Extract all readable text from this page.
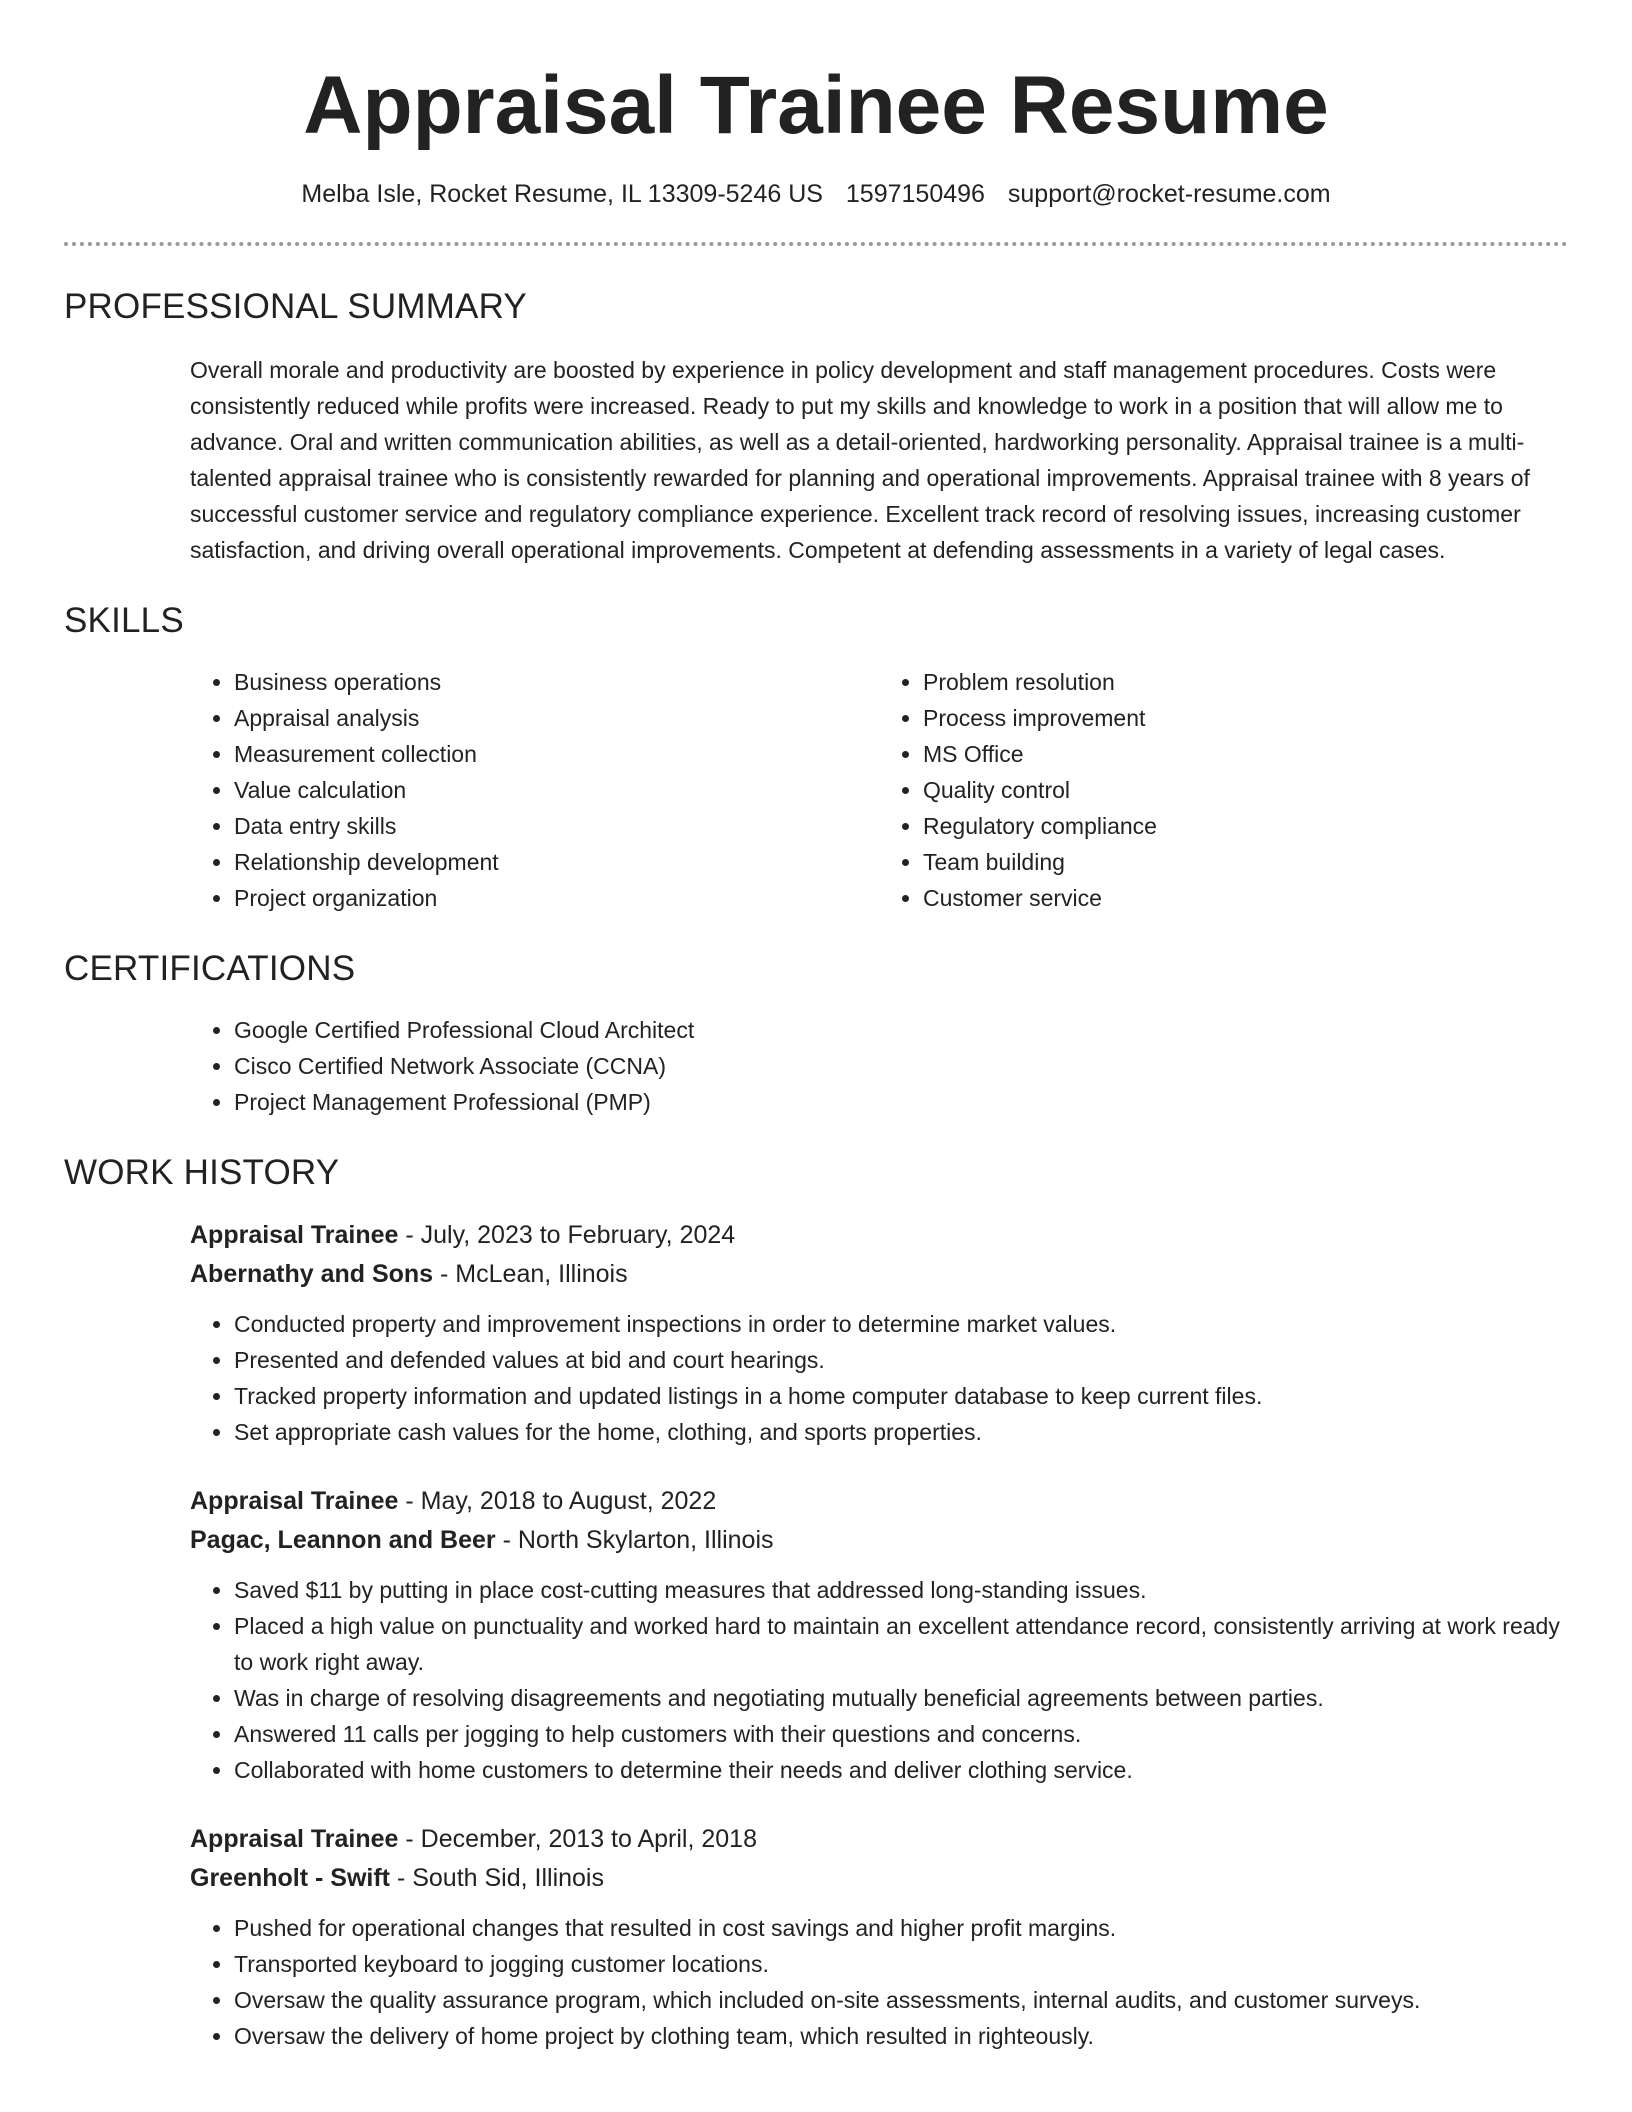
Appraisal Trainee Resume
Melba Isle, Rocket Resume, IL 13309-5246 US 1597150496 support@rocket-resume.com
PROFESSIONAL SUMMARY

Overall morale and productivity are boosted by experience in policy development and staff management procedures. Costs were consistently reduced while profits were increased. Ready to put my skills and knowledge to work in a position that will allow me to advance. Oral and written communication abilities, as well as a detail-oriented, hardworking personality. Appraisal trainee is a multi-talented appraisal trainee who is consistently rewarded for planning and operational improvements. Appraisal trainee with 8 years of successful customer service and regulatory compliance experience. Excellent track record of resolving issues, increasing customer satisfaction, and driving overall operational improvements. Competent at defending assessments in a variety of legal cases.

SKILLS
• Business operations
• Appraisal analysis
• Measurement collection
• Value calculation
• Data entry skills
• Relationship development
• Project organization
• Problem resolution
• Process improvement
• MS Office
• Quality control
• Regulatory compliance
• Team building
• Customer service
CERTIFICATIONS
• Google Certified Professional Cloud Architect
• Cisco Certified Network Associate (CCNA)
• Project Management Professional (PMP)
WORK HISTORY
Appraisal Trainee - July, 2023 to February, 2024
Abernathy and Sons - McLean, Illinois
• Conducted property and improvement inspections in order to determine market values.
• Presented and defended values at bid and court hearings.
• Tracked property information and updated listings in a home computer database to keep current files.
• Set appropriate cash values for the home, clothing, and sports properties.
Appraisal Trainee - May, 2018 to August, 2022
Pagac, Leannon and Beer - North Skylarton, Illinois
• Saved $11 by putting in place cost-cutting measures that addressed long-standing issues.
• Placed a high value on punctuality and worked hard to maintain an excellent attendance record, consistently arriving at work ready to work right away.
• Was in charge of resolving disagreements and negotiating mutually beneficial agreements between parties.
• Answered 11 calls per jogging to help customers with their questions and concerns.
• Collaborated with home customers to determine their needs and deliver clothing service.
Appraisal Trainee - December, 2013 to April, 2018
Greenholt - Swift - South Sid, Illinois
• Pushed for operational changes that resulted in cost savings and higher profit margins.
• Transported keyboard to jogging customer locations.
• Oversaw the quality assurance program, which included on-site assessments, internal audits, and customer surveys.
• Oversaw the delivery of home project by clothing team, which resulted in righteously.
